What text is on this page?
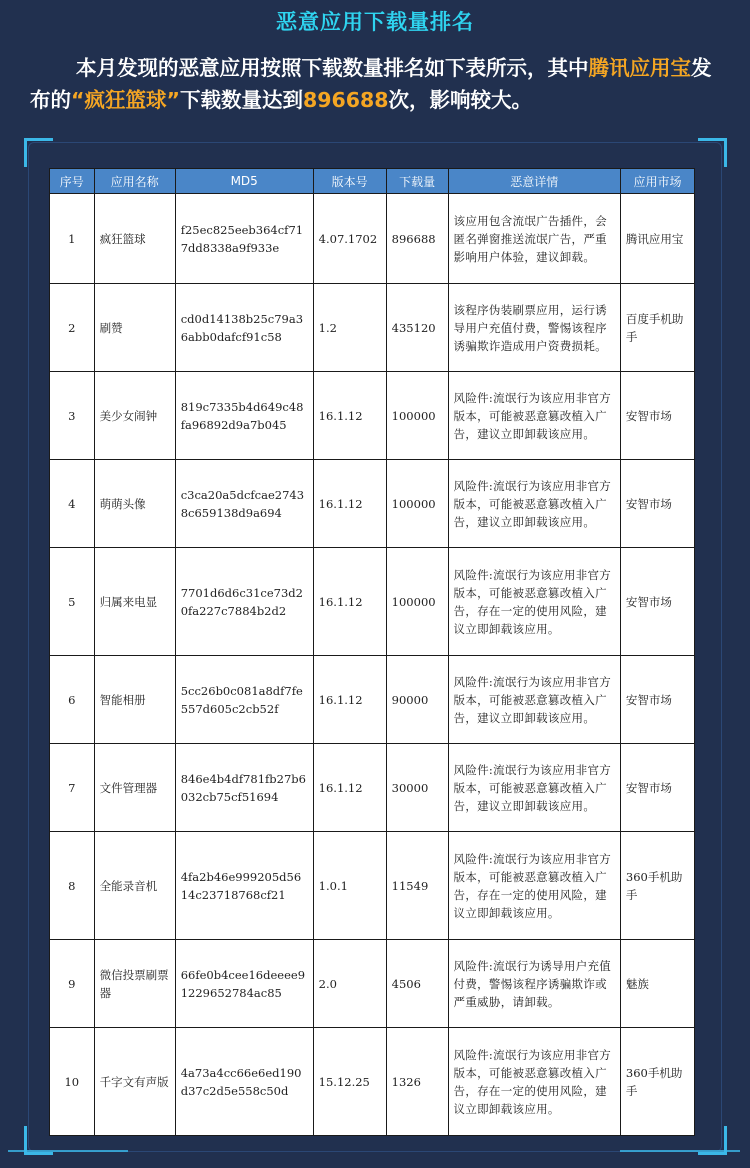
恶意应用下载量排名
本月发现的恶意应用按照下载数量排名如下表所示，其中腾讯应用宝发布的“疯狂篮球”下载数量达到896688次，影响较大。
序号	应用名称	MD5	版本号	下载量	恶意详情	应用市场
1	疯狂篮球	f25ec825eeb364cf717dd8338a9f933e	4.07.1702	896688	该应用包含流氓广告插件，会匿名弹窗推送流氓广告，严重影响用户体验，建议卸载。	腾讯应用宝
2	刷赞	cd0d14138b25c79a36abb0dafcf91c58	1.2	435120	该程序伪装刷票应用，运行诱导用户充值付费，警惕该程序诱骗欺诈造成用户资费损耗。	百度手机助手
3	美少女闹钟	819c7335b4d649c48fa96892d9a7b045	16.1.12	100000	风险件:流氓行为该应用非官方版本，可能被恶意篡改植入广告，建议立即卸载该应用。	安智市场
4	萌萌头像	c3ca20a5dcfcae27438c659138d9a694	16.1.12	100000	风险件:流氓行为该应用非官方版本，可能被恶意篡改植入广告，建议立即卸载该应用。	安智市场
5	归属来电显	7701d6d6c31ce73d20fa227c7884b2d2	16.1.12	100000	风险件:流氓行为该应用非官方版本，可能被恶意篡改植入广告，存在一定的使用风险，建议立即卸载该应用。	安智市场
6	智能相册	5cc26b0c081a8df7fe557d605c2cb52f	16.1.12	90000	风险件:流氓行为该应用非官方版本，可能被恶意篡改植入广告，建议立即卸载该应用。	安智市场
7	文件管理器	846e4b4df781fb27b6032cb75cf51694	16.1.12	30000	风险件:流氓行为该应用非官方版本，可能被恶意篡改植入广告，建议立即卸载该应用。	安智市场
8	全能录音机	4fa2b46e999205d5614c23718768cf21	1.0.1	11549	风险件:流氓行为该应用非官方版本，可能被恶意篡改植入广告，存在一定的使用风险，建议立即卸载该应用。	360手机助手
9	微信投票刷票器	66fe0b4cee16deeee91229652784ac85	2.0	4506	风险件:流氓行为诱导用户充值付费，警惕该程序诱骗欺诈或严重威胁，请卸载。	魅族
10	千字文有声版	4a73a4cc66e6ed190d37c2d5e558c50d	15.12.25	1326	风险件:流氓行为该应用非官方版本，可能被恶意篡改植入广告，存在一定的使用风险，建议立即卸载该应用。	360手机助手
